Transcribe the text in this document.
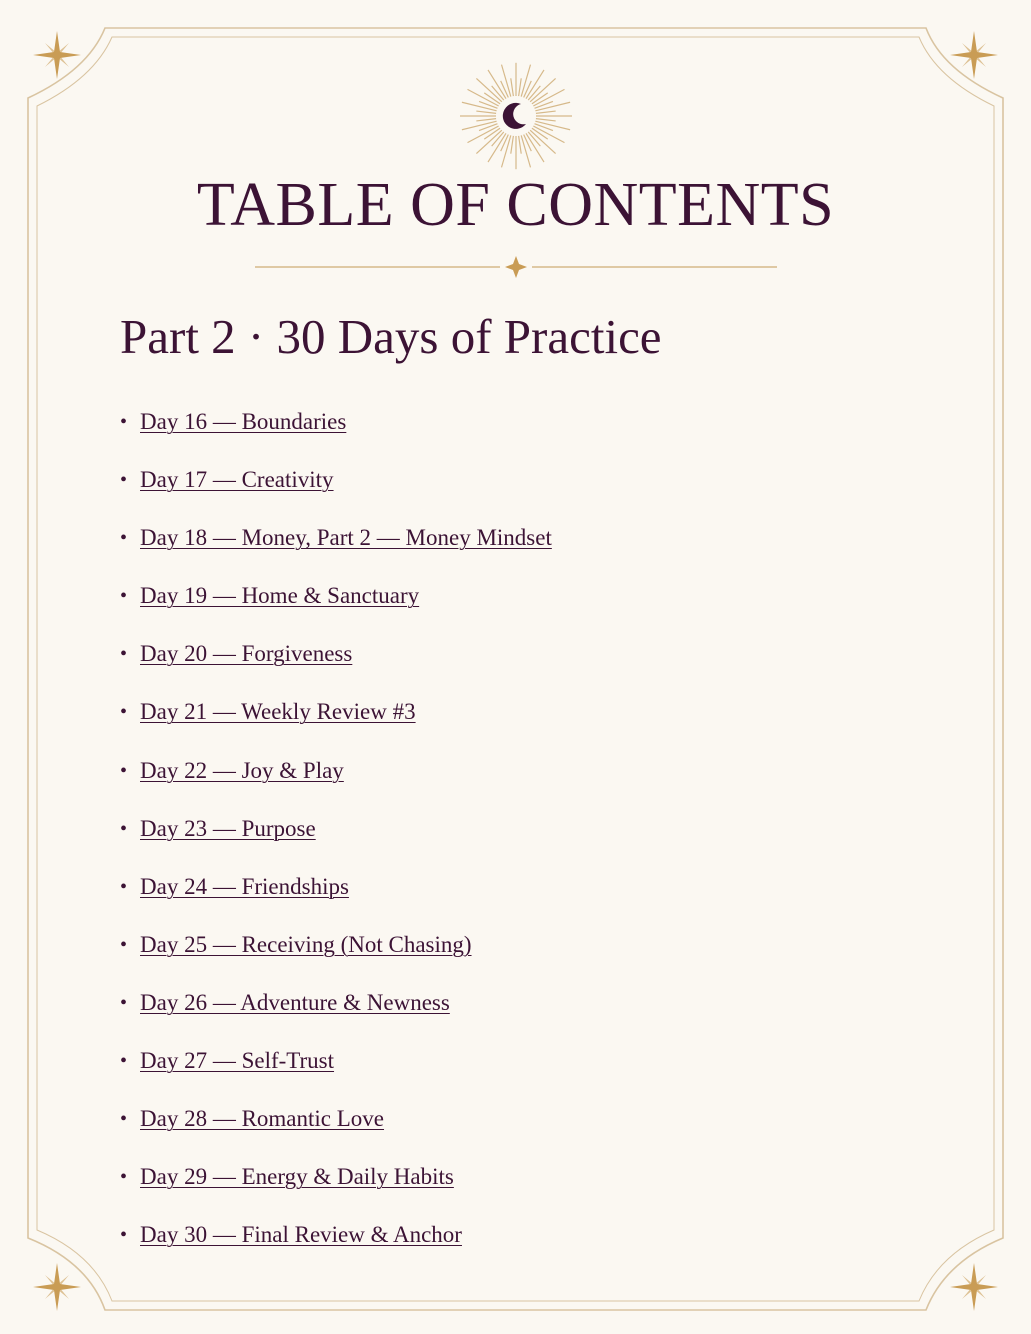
TABLE OF CONTENTS
Part 2 · 30 Days of Practice
• Day 16 — Boundaries
• Day 17 — Creativity
• Day 18 — Money, Part 2 — Money Mindset
• Day 19 — Home & Sanctuary
• Day 20 — Forgiveness
• Day 21 — Weekly Review #3
• Day 22 — Joy & Play
• Day 23 — Purpose
• Day 24 — Friendships
• Day 25 — Receiving (Not Chasing)
• Day 26 — Adventure & Newness
• Day 27 — Self-Trust
• Day 28 — Romantic Love
• Day 29 — Energy & Daily Habits
• Day 30 — Final Review & Anchor
